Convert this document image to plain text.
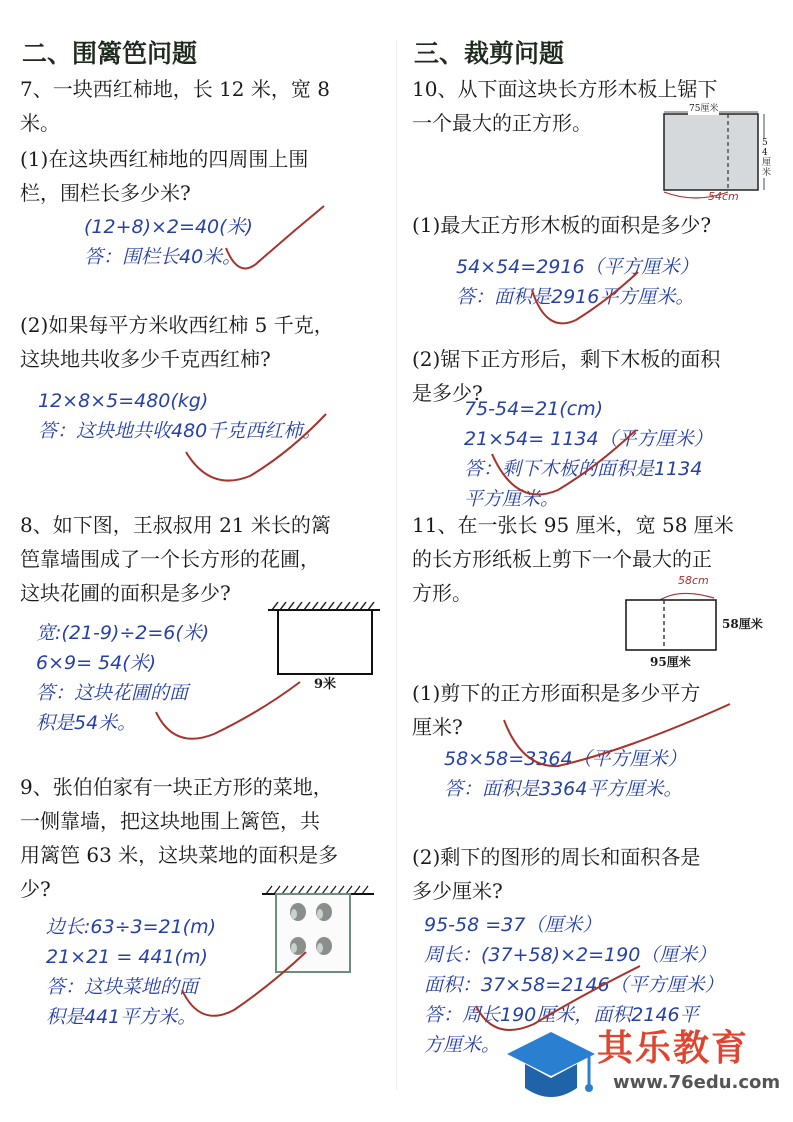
二、围篱笆问题
7、一块西红柿地，长 12 米，宽 8
米。
(1)在这块西红柿地的四周围上围
栏，围栏长多少米?
(12+8)×2=40(米)
答：围栏长40米。
(2)如果每平方米收西红柿 5 千克，
这块地共收多少千克西红柿?
12×8×5=480(kg)
答：这块地共收480千克西红柿。
8、如下图，王叔叔用 21 米长的篱
笆靠墙围成了一个长方形的花圃，
这块花圃的面积是多少?
宽:(21-9)÷2=6(米)
6×9= 54(米)
答：这块花圃的面
积是54米。
9米
9、张伯伯家有一块正方形的菜地，
一侧靠墙，把这块地围上篱笆，共
用篱笆 63 米，这块菜地的面积是多
少?
边长:63÷3=21(m)
21×21 = 441(m)
答：这块菜地的面
积是441平方米。
三、裁剪问题
10、从下面这块长方形木板上锯下
一个最大的正方形。
75厘米
54厘米
54cm
(1)最大正方形木板的面积是多少?
54×54=2916（平方厘米）
答：面积是2916平方厘米。
(2)锯下正方形后，剩下木板的面积
是多少?
75-54=21(cm)
21×54= 1134（平方厘米）
答：剩下木板的面积是1134
平方厘米。
11、在一张长 95 厘米，宽 58 厘米
的长方形纸板上剪下一个最大的正
方形。
58cm
58厘米
95厘米
(1)剪下的正方形面积是多少平方
厘米?
58×58=3364（平方厘米）
答：面积是3364平方厘米。
(2)剩下的图形的周长和面积各是
多少厘米?
95-58 =37（厘米）
周长：(37+58)×2=190（厘米）
面积：37×58=2146（平方厘米）
答：周长190厘米，面积2146平
方厘米。	其乐教育
www.76edu.com
